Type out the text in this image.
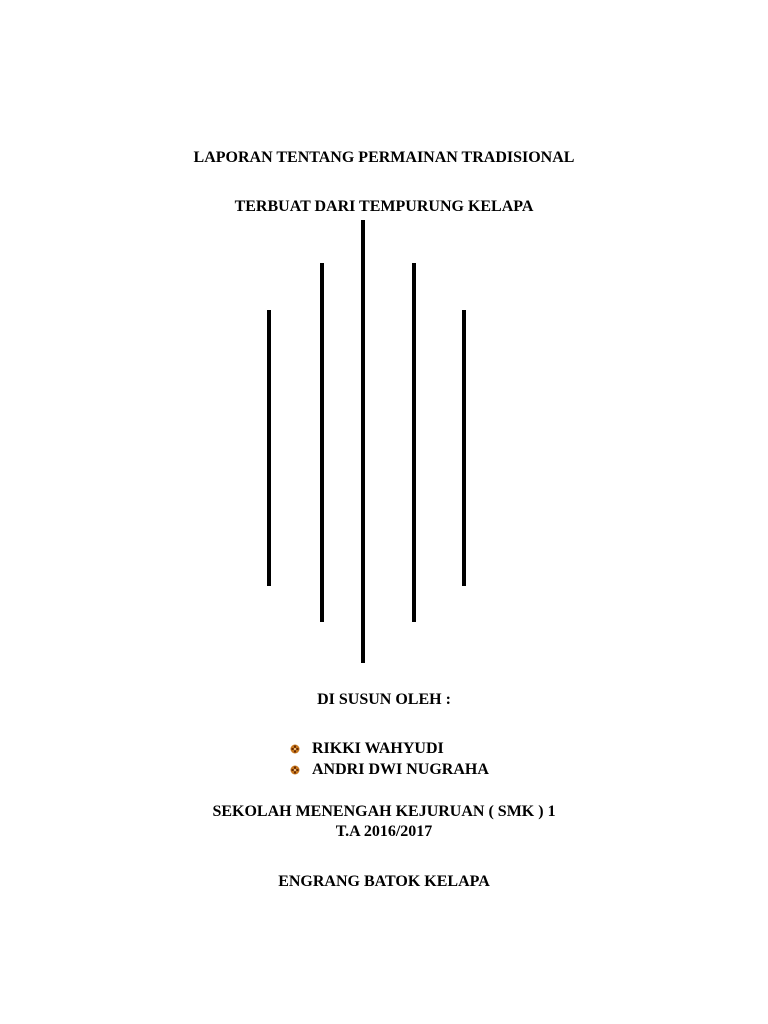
LAPORAN TENTANG PERMAINAN TRADISIONAL
TERBUAT DARI TEMPURUNG KELAPA
DI SUSUN OLEH :
RIKKI WAHYUDI
ANDRI DWI NUGRAHA
SEKOLAH MENENGAH KEJURUAN ( SMK ) 1
T.A 2016/2017
ENGRANG BATOK KELAPA
